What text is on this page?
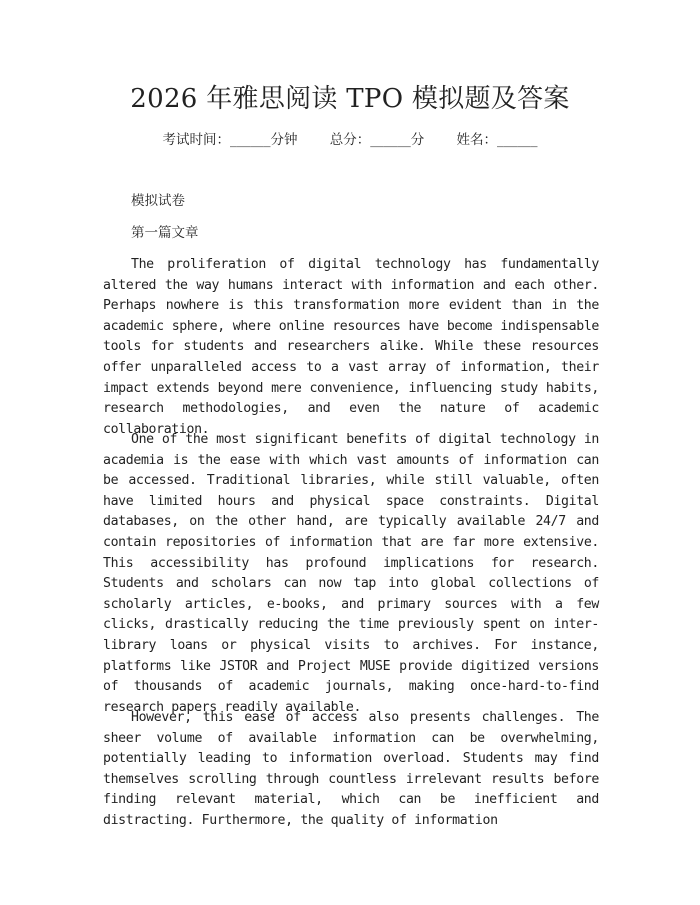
2026 年雅思阅读 TPO 模拟题及答案
考试时间：______分钟 总分：______分 姓名：______
模拟试卷
第一篇文章

The proliferation of digital technology has fundamentally altered the way humans interact with information and each other. Perhaps nowhere is this transformation more evident than in the academic sphere, where online resources have become indispensable tools for students and researchers alike. While these resources offer unparalleled access to a vast array of information, their impact extends beyond mere convenience, influencing study habits, research methodologies, and even the nature of academic collaboration.

One of the most significant benefits of digital technology in academia is the ease with which vast amounts of information can be accessed. Traditional libraries, while still valuable, often have limited hours and physical space constraints. Digital databases, on the other hand, are typically available 24/7 and contain repositories of information that are far more extensive. This accessibility has profound implications for research. Students and scholars can now tap into global collections of scholarly articles, e-books, and primary sources with a few clicks, drastically reducing the time previously spent on inter-library loans or physical visits to archives. For instance, platforms like JSTOR and Project MUSE provide digitized versions of thousands of academic journals, making once-hard-to-find research papers readily available.

However, this ease of access also presents challenges. The sheer volume of available information can be overwhelming, potentially leading to information overload. Students may find themselves scrolling through countless irrelevant results before finding relevant material, which can be inefficient and distracting. Furthermore, the quality of information
